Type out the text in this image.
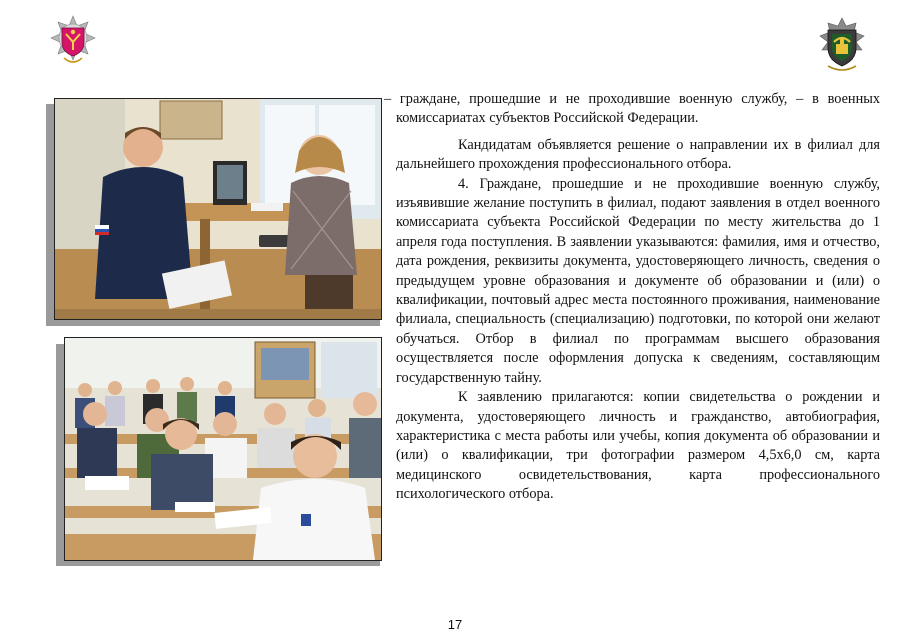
– граждане, прошедшие и не проходившие военную службу, – в военных комиссариатах субъектов Российской Федерации.

Кандидатам объявляется решение о направлении их в филиал для дальнейшего прохождения профессионального отбора.

4. Граждане, прошедшие и не проходившие военную службу, изъявившие желание поступить в филиал, подают заявления в отдел военного комиссариата субъекта Российской Федерации по месту жительства до 1 апреля года поступления. В заявлении указываются: фамилия, имя и отчество, дата рождения, реквизиты документа, удостоверяющего личность, сведения о предыдущем уровне образования и документе об образовании и (или) о квалификации, почтовый адрес места постоянного проживания, наименование филиала, специальность (специализацию) подготовки, по которой они желают обучаться. Отбор в филиал по программам высшего образования осуществляется после оформления допуска к сведениям, составляющим государственную тайну.

К заявлению прилагаются: копии свидетельства о рождении и документа, удостоверяющего личность и гражданство, автобиография, характеристика с места работы или учебы, копия документа об образовании и (или) о квалификации, три фотографии размером 4,5х6,0 см, карта медицинского освидетельствования, карта профессионального психологического отбора.

17
